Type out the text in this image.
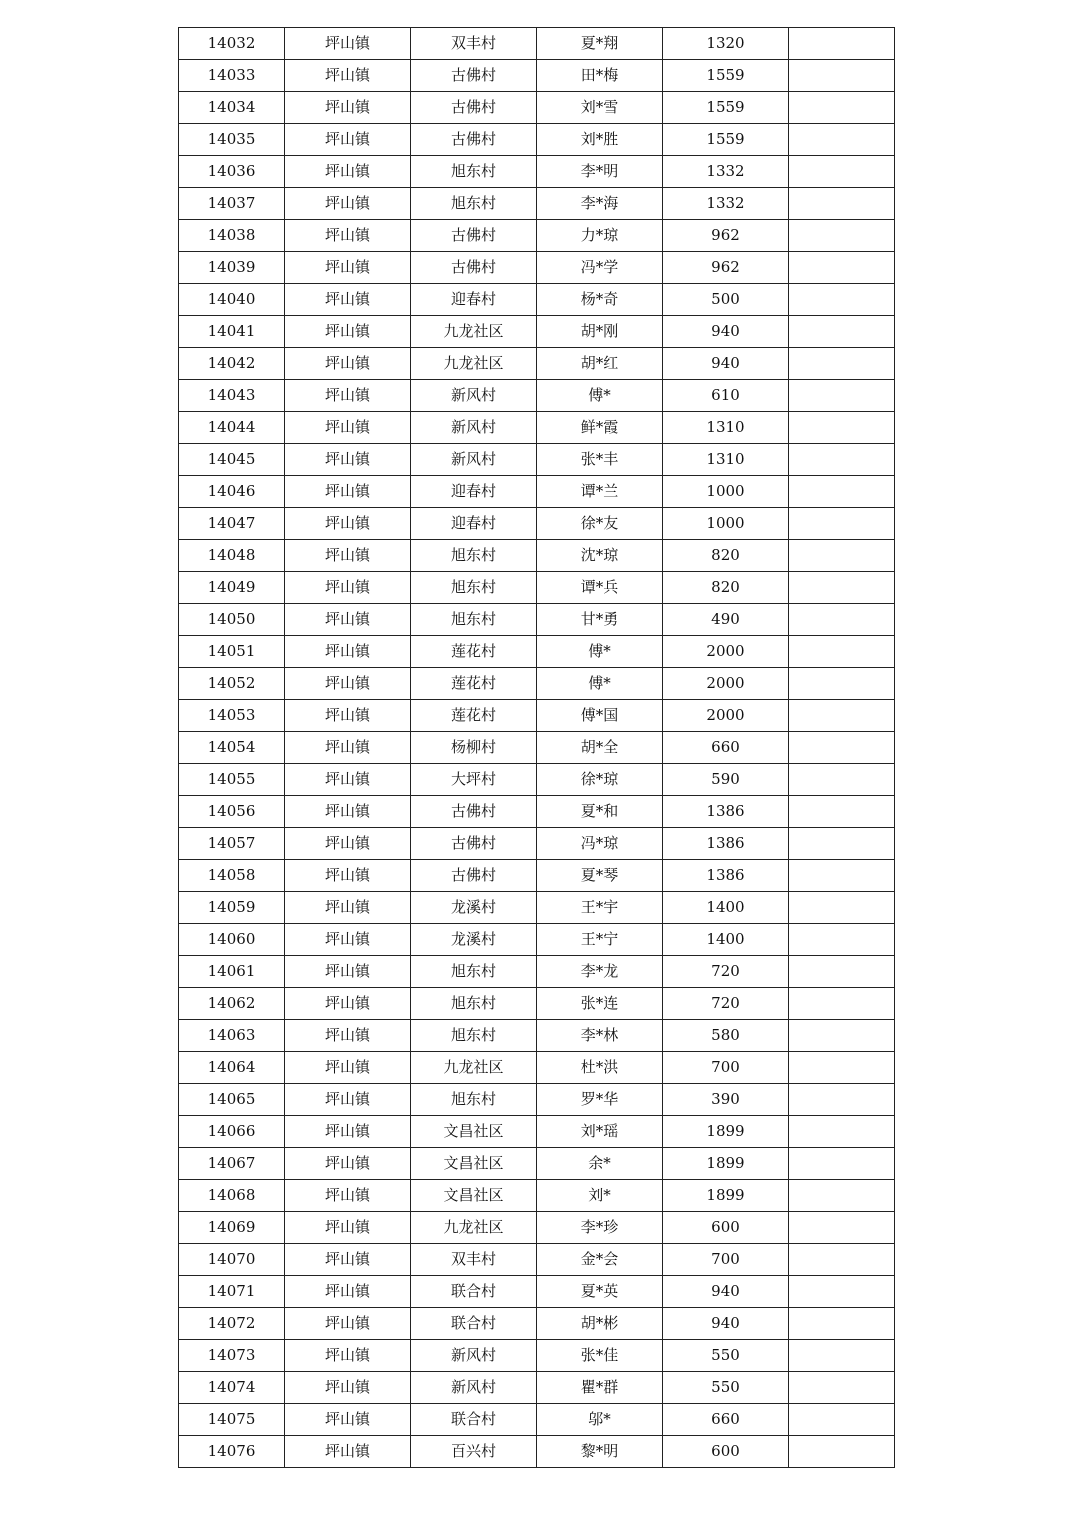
14032	坪山镇	双丰村	夏*翔	1320	
14033	坪山镇	古佛村	田*梅	1559	
14034	坪山镇	古佛村	刘*雪	1559	
14035	坪山镇	古佛村	刘*胜	1559	
14036	坪山镇	旭东村	李*明	1332	
14037	坪山镇	旭东村	李*海	1332	
14038	坪山镇	古佛村	力*琼	962	
14039	坪山镇	古佛村	冯*学	962	
14040	坪山镇	迎春村	杨*奇	500	
14041	坪山镇	九龙社区	胡*刚	940	
14042	坪山镇	九龙社区	胡*红	940	
14043	坪山镇	新风村	傅*	610	
14044	坪山镇	新风村	鲜*霞	1310	
14045	坪山镇	新风村	张*丰	1310	
14046	坪山镇	迎春村	谭*兰	1000	
14047	坪山镇	迎春村	徐*友	1000	
14048	坪山镇	旭东村	沈*琼	820	
14049	坪山镇	旭东村	谭*兵	820	
14050	坪山镇	旭东村	甘*勇	490	
14051	坪山镇	莲花村	傅*	2000	
14052	坪山镇	莲花村	傅*	2000	
14053	坪山镇	莲花村	傅*国	2000	
14054	坪山镇	杨柳村	胡*全	660	
14055	坪山镇	大坪村	徐*琼	590	
14056	坪山镇	古佛村	夏*和	1386	
14057	坪山镇	古佛村	冯*琼	1386	
14058	坪山镇	古佛村	夏*琴	1386	
14059	坪山镇	龙溪村	王*宇	1400	
14060	坪山镇	龙溪村	王*宁	1400	
14061	坪山镇	旭东村	李*龙	720	
14062	坪山镇	旭东村	张*连	720	
14063	坪山镇	旭东村	李*林	580	
14064	坪山镇	九龙社区	杜*洪	700	
14065	坪山镇	旭东村	罗*华	390	
14066	坪山镇	文昌社区	刘*瑶	1899	
14067	坪山镇	文昌社区	余*	1899	
14068	坪山镇	文昌社区	刘*	1899	
14069	坪山镇	九龙社区	李*珍	600	
14070	坪山镇	双丰村	金*会	700	
14071	坪山镇	联合村	夏*英	940	
14072	坪山镇	联合村	胡*彬	940	
14073	坪山镇	新风村	张*佳	550	
14074	坪山镇	新风村	瞿*群	550	
14075	坪山镇	联合村	邬*	660	
14076	坪山镇	百兴村	黎*明	600	
